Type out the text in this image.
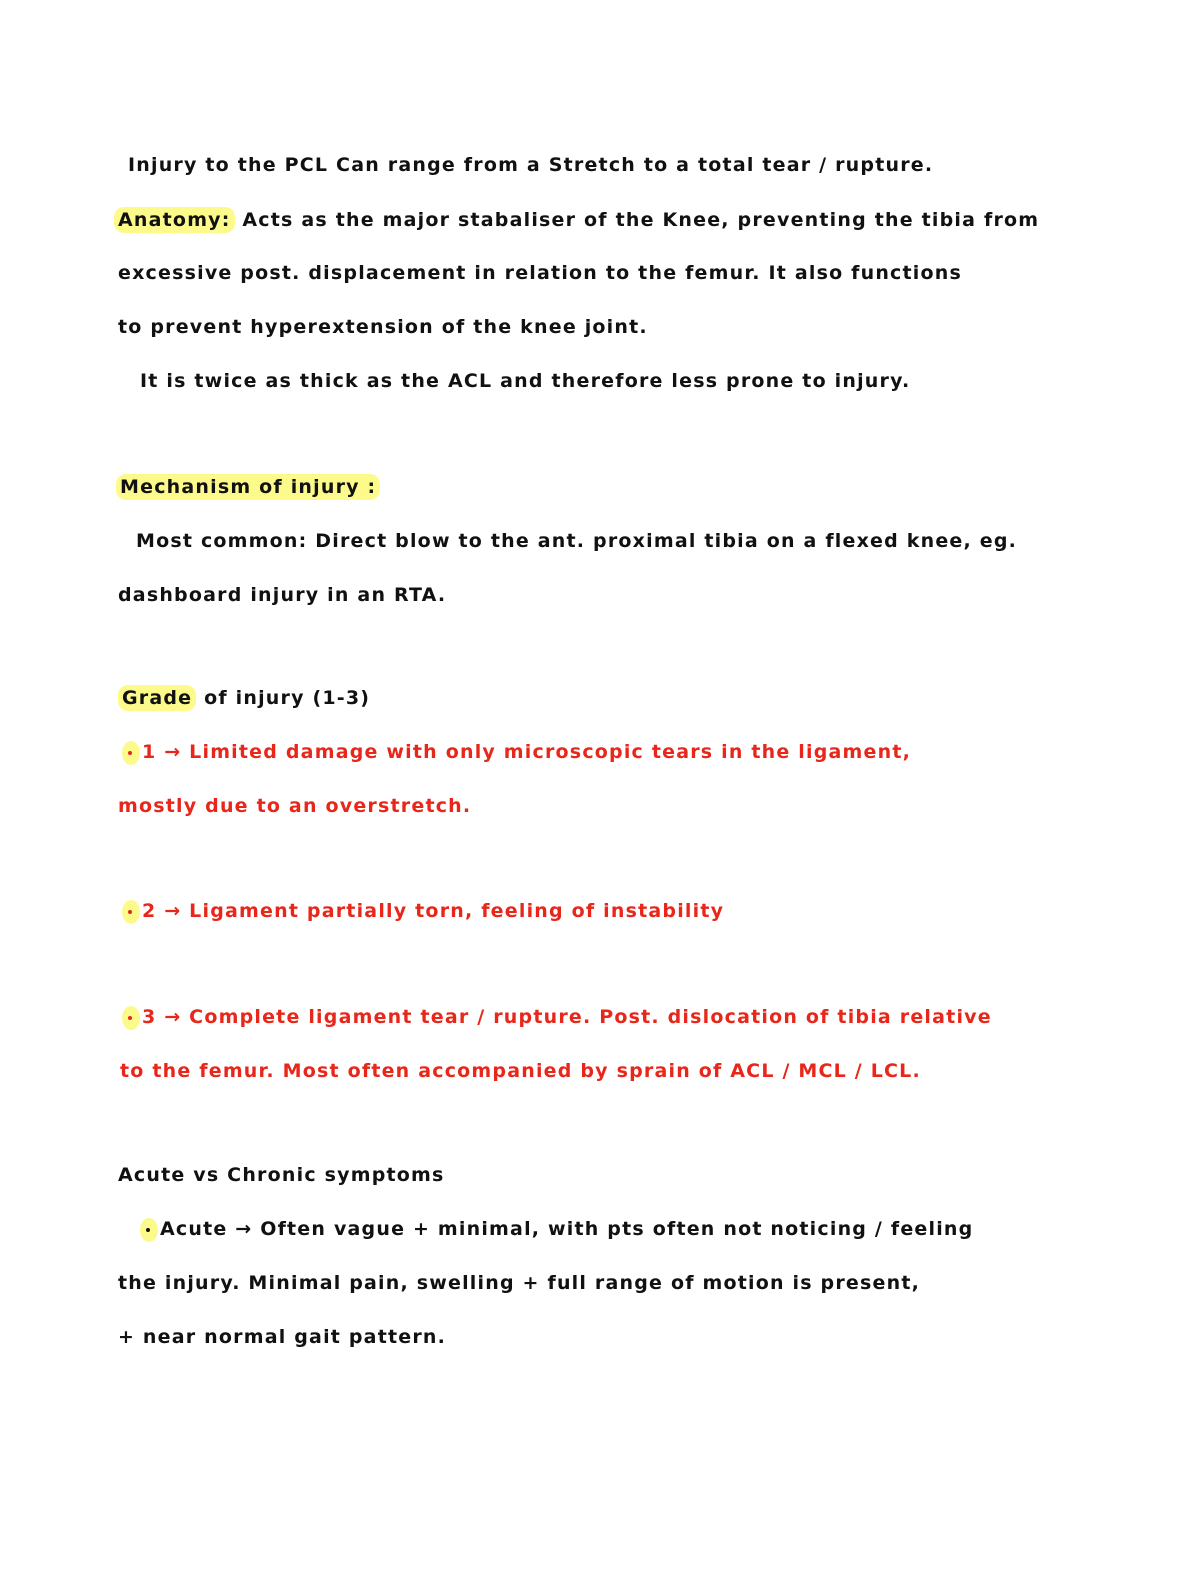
Injury to the PCL Can range from a Stretch to a total tear / rupture.
Anatomy: Acts as the major stabaliser of the Knee, preventing the tibia from
excessive post. displacement in relation to the femur. It also functions
to prevent hyperextension of the knee joint.
It is twice as thick as the ACL and therefore less prone to injury.
Mechanism of injury :
Most common: Direct blow to the ant. proximal tibia on a flexed knee, eg.
dashboard injury in an RTA.
Grade of injury (1-3)
1 → Limited damage with only microscopic tears in the ligament,
mostly due to an overstretch.
2 → Ligament partially torn, feeling of instability
3 → Complete ligament tear / rupture. Post. dislocation of tibia relative
to the femur. Most often accompanied by sprain of ACL / MCL / LCL.
Acute vs Chronic symptoms
Acute → Often vague + minimal, with pts often not noticing / feeling
the injury. Minimal pain, swelling + full range of motion is present,
+ near normal gait pattern.
